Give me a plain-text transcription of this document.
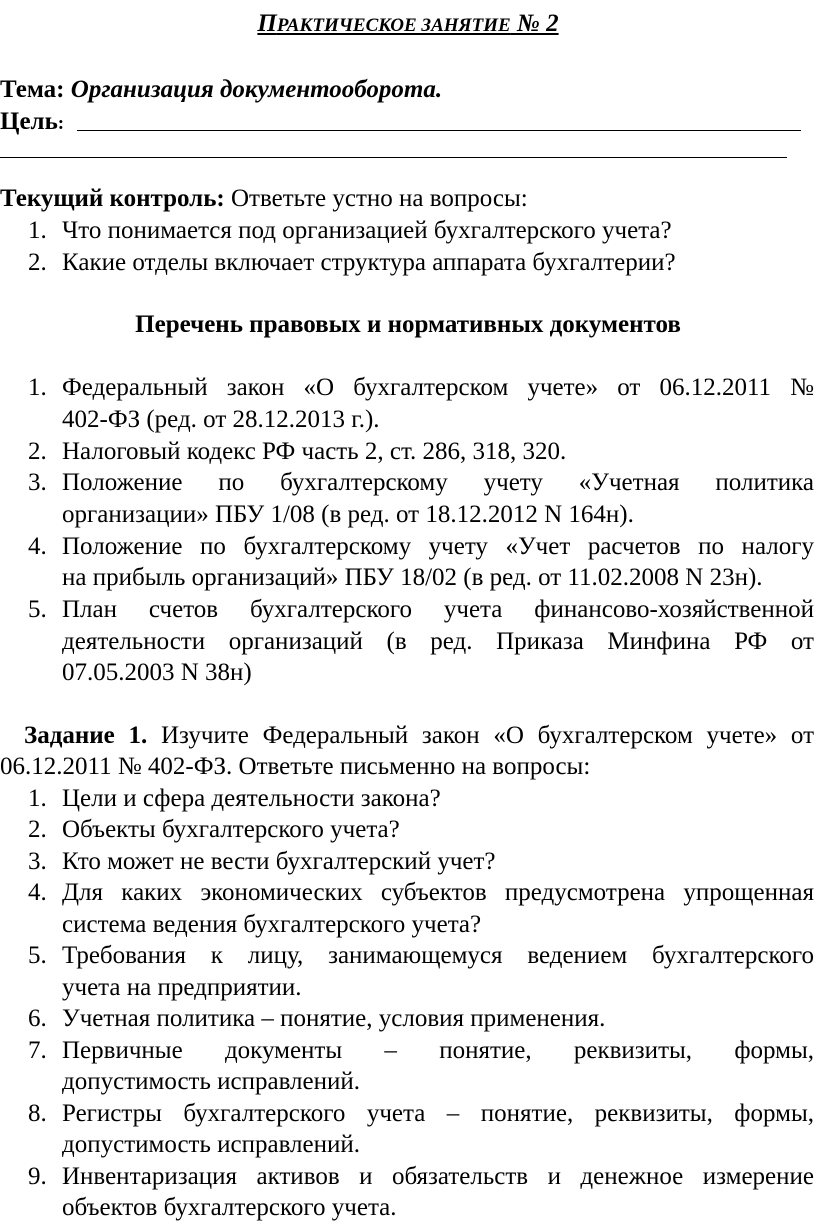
ПРАКТИЧЕСКОЕ ЗАНЯТИЕ № 2
Тема: Организация документооборота.
Цель:
Текущий контроль: Ответьте устно на вопросы:
1. Что понимается под организацией бухгалтерского учета?
2. Какие отделы включает структура аппарата бухгалтерии?
Перечень правовых и нормативных документов
1. Федеральный закон «О бухгалтерском учете» от 06.12.2011 №
402-ФЗ (ред. от 28.12.2013 г.).
2. Налоговый кодекс РФ часть 2, ст. 286, 318, 320.
3. Положение по бухгалтерскому учету «Учетная политика
организации» ПБУ 1/08 (в ред. от 18.12.2012 N 164н).
4. Положение по бухгалтерскому учету «Учет расчетов по налогу
на прибыль организаций» ПБУ 18/02 (в ред. от 11.02.2008 N 23н).
5. План счетов бухгалтерского учета финансово-хозяйственной
деятельности организаций (в ред. Приказа Минфина РФ от
07.05.2003 N 38н)
Задание 1. Изучите Федеральный закон «О бухгалтерском учете» от
06.12.2011 № 402-ФЗ. Ответьте письменно на вопросы:
1. Цели и сфера деятельности закона?
2. Объекты бухгалтерского учета?
3. Кто может не вести бухгалтерский учет?
4. Для каких экономических субъектов предусмотрена упрощенная
система ведения бухгалтерского учета?
5. Требования к лицу, занимающемуся ведением бухгалтерского
учета на предприятии.
6. Учетная политика – понятие, условия применения.
7. Первичные документы – понятие, реквизиты, формы,
допустимость исправлений.
8. Регистры бухгалтерского учета – понятие, реквизиты, формы,
допустимость исправлений.
9. Инвентаризация активов и обязательств и денежное измерение
объектов бухгалтерского учета.
